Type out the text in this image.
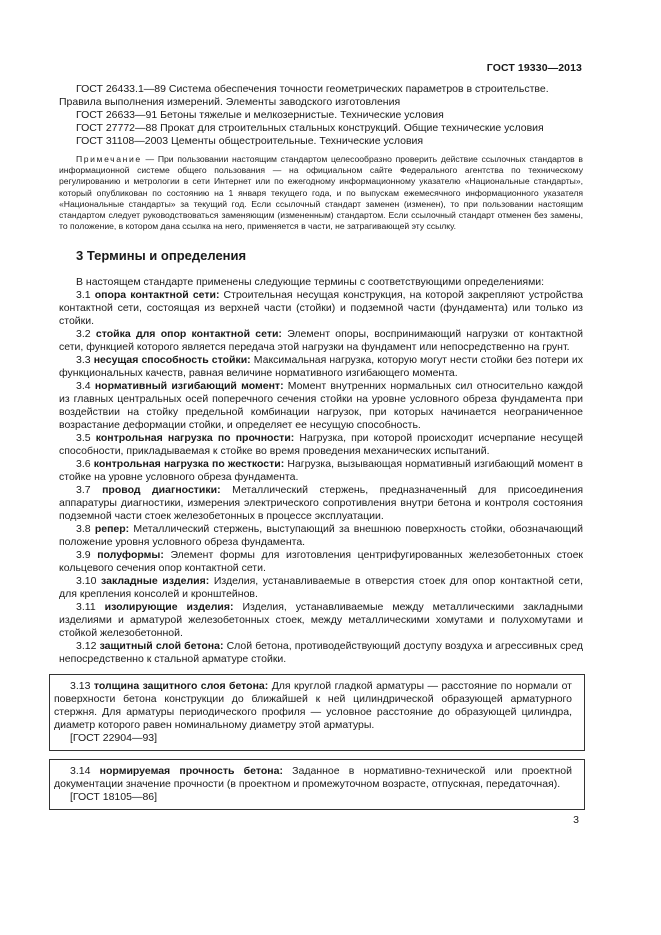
ГОСТ 19330—2013

ГОСТ 26433.1—89 Система обеспечения точности геометрических параметров в строительстве.

Правила выполнения измерений. Элементы заводского изготовления

ГОСТ 26633—91 Бетоны тяжелые и мелкозернистые. Технические условия

ГОСТ 27772—88 Прокат для строительных стальных конструкций. Общие технические условия

ГОСТ 31108—2003 Цементы общестроительные. Технические условия

Примечание — При пользовании настоящим стандартом целесообразно проверить действие ссылочных стандартов в информационной системе общего пользования — на официальном сайте Федерального агентства по техническому регулированию и метрологии в сети Интернет или по ежегодному информационному указателю «Национальные стандарты», который опубликован по состоянию на 1 января текущего года, и по выпускам ежемесячного информационного указателя «Национальные стандарты» за текущий год. Если ссылочный стандарт заменен (изменен), то при пользовании настоящим стандартом следует руководствоваться заменяющим (измененным) стандартом. Если ссылочный стандарт отменен без замены, то положение, в котором дана ссылка на него, применяется в части, не затрагивающей эту ссылку.

3 Термины и определения

В настоящем стандарте применены следующие термины с соответствующими определениями:

3.1 опора контактной сети: Строительная несущая конструкция, на которой закрепляют устройства контактной сети, состоящая из верхней части (стойки) и подземной части (фундамента) или только из стойки.

3.2 стойка для опор контактной сети: Элемент опоры, воспринимающий нагрузки от контактной сети, функцией которого является передача этой нагрузки на фундамент или непосредственно на грунт.

3.3 несущая способность стойки: Максимальная нагрузка, которую могут нести стойки без потери их функциональных качеств, равная величине нормативного изгибающего момента.

3.4 нормативный изгибающий момент: Момент внутренних нормальных сил относительно каждой из главных центральных осей поперечного сечения стойки на уровне условного обреза фундамента при воздействии на стойку предельной комбинации нагрузок, при которых начинается неограниченное возрастание деформации стойки, и определяет ее несущую способность.

3.5 контрольная нагрузка по прочности: Нагрузка, при которой происходит исчерпание несущей способности, прикладываемая к стойке во время проведения механических испытаний.

3.6 контрольная нагрузка по жесткости: Нагрузка, вызывающая нормативный изгибающий момент в стойке на уровне условного обреза фундамента.

3.7 провод диагностики: Металлический стержень, предназначенный для присоединения аппаратуры диагностики, измерения электрического сопротивления внутри бетона и контроля состояния подземной части стоек железобетонных в процессе эксплуатации.

3.8 репер: Металлический стержень, выступающий за внешнюю поверхность стойки, обозначающий положение уровня условного обреза фундамента.

3.9 полуформы: Элемент формы для изготовления центрифугированных железобетонных стоек кольцевого сечения опор контактной сети.

3.10 закладные изделия: Изделия, устанавливаемые в отверстия стоек для опор контактной сети, для крепления консолей и кронштейнов.

3.11 изолирующие изделия: Изделия, устанавливаемые между металлическими закладными изделиями и арматурой железобетонных стоек, между металлическими хомутами и полухомутами и стойкой железобетонной.

3.12 защитный слой бетона: Слой бетона, противодействующий доступу воздуха и агрессивных сред непосредственно к стальной арматуре стойки.

3.13 толщина защитного слоя бетона: Для круглой гладкой арматуры — расстояние по нормали от поверхности бетона конструкции до ближайшей к ней цилиндрической образующей арматурного стержня. Для арматуры периодического профиля — условное расстояние до образующей цилиндра, диаметр которого равен номинальному диаметру этой арматуры.

[ГОСТ 22904—93]

3.14 нормируемая прочность бетона: Заданное в нормативно-технической или проектной документации значение прочности (в проектном и промежуточном возрасте, отпускная, передаточная).

[ГОСТ 18105—86]

3
